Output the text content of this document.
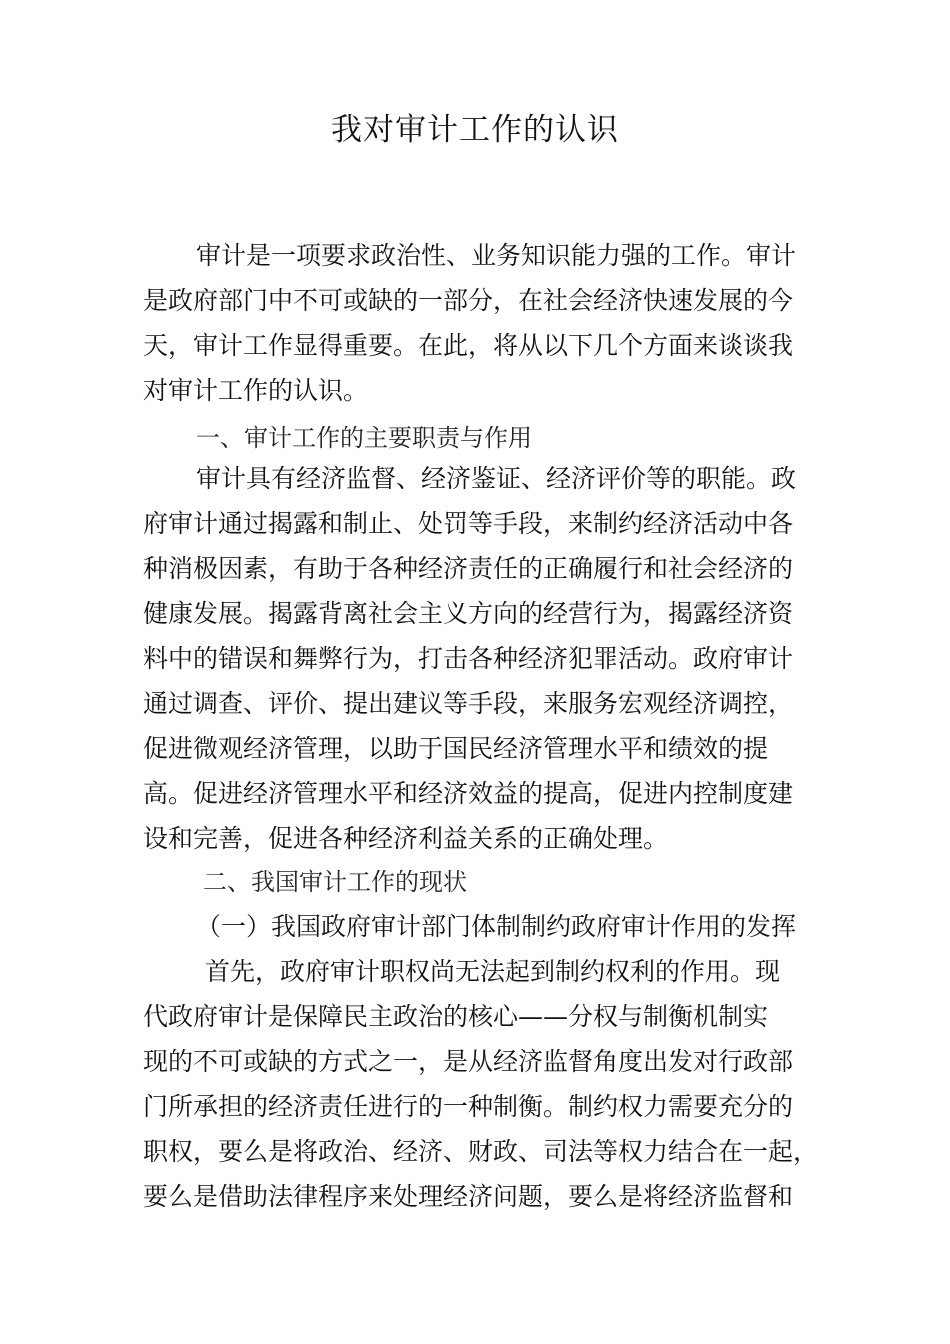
我对审计工作的认识
审计是一项要求政治性、业务知识能力强的工作。审计
是政府部门中不可或缺的一部分，在社会经济快速发展的今
天，审计工作显得重要。在此，将从以下几个方面来谈谈我
对审计工作的认识。
一、审计工作的主要职责与作用
审计具有经济监督、经济鉴证、经济评价等的职能。政
府审计通过揭露和制止、处罚等手段，来制约经济活动中各
种消极因素，有助于各种经济责任的正确履行和社会经济的
健康发展。揭露背离社会主义方向的经营行为，揭露经济资
料中的错误和舞弊行为，打击各种经济犯罪活动。政府审计
通过调查、评价、提出建议等手段，来服务宏观经济调控，
促进微观经济管理，以助于国民经济管理水平和绩效的提
高。促进经济管理水平和经济效益的提高，促进内控制度建
设和完善，促进各种经济利益关系的正确处理。
二、我国审计工作的现状
（一）我国政府审计部门体制制约政府审计作用的发挥
首先，政府审计职权尚无法起到制约权利的作用。现
代政府审计是保障民主政治的核心——分权与制衡机制实
现的不可或缺的方式之一，是从经济监督角度出发对行政部
门所承担的经济责任进行的一种制衡。制约权力需要充分的
职权，要么是将政治、经济、财政、司法等权力结合在一起，
要么是借助法律程序来处理经济问题，要么是将经济监督和
